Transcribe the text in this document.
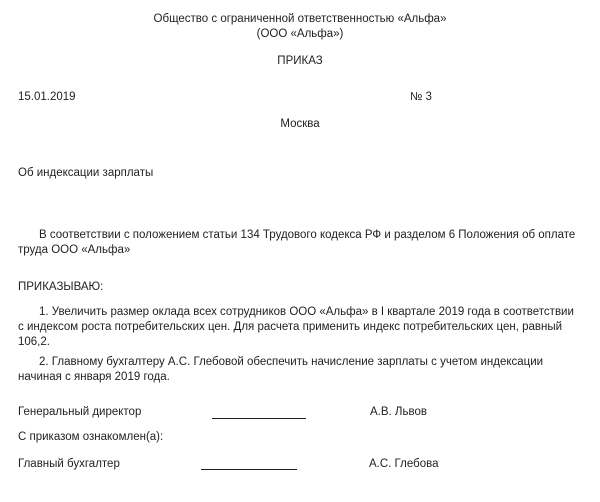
Общество с ограниченной ответственностью «Альфа»
(ООО «Альфа»)
ПРИКАЗ
15.01.2019	№ 3
Москва
Об индексации зарплаты
В соответствии с положением статьи 134 Трудового кодекса РФ и разделом 6 Положения об оплате труда ООО «Альфа»
ПРИКАЗЫВАЮ:
1. Увеличить размер оклада всех сотрудников ООО «Альфа» в I квартале 2019 года в соответствии с индексом роста потребительских цен. Для расчета применить индекс потребительских цен, равный 106,2.
2. Главному бухгалтеру А.С. Глебовой обеспечить начисление зарплаты с учетом индексации начиная с января 2019 года.
Генеральный директор	А.В. Львов
С приказом ознакомлен(а):
Главный бухгалтер	А.С. Глебова
